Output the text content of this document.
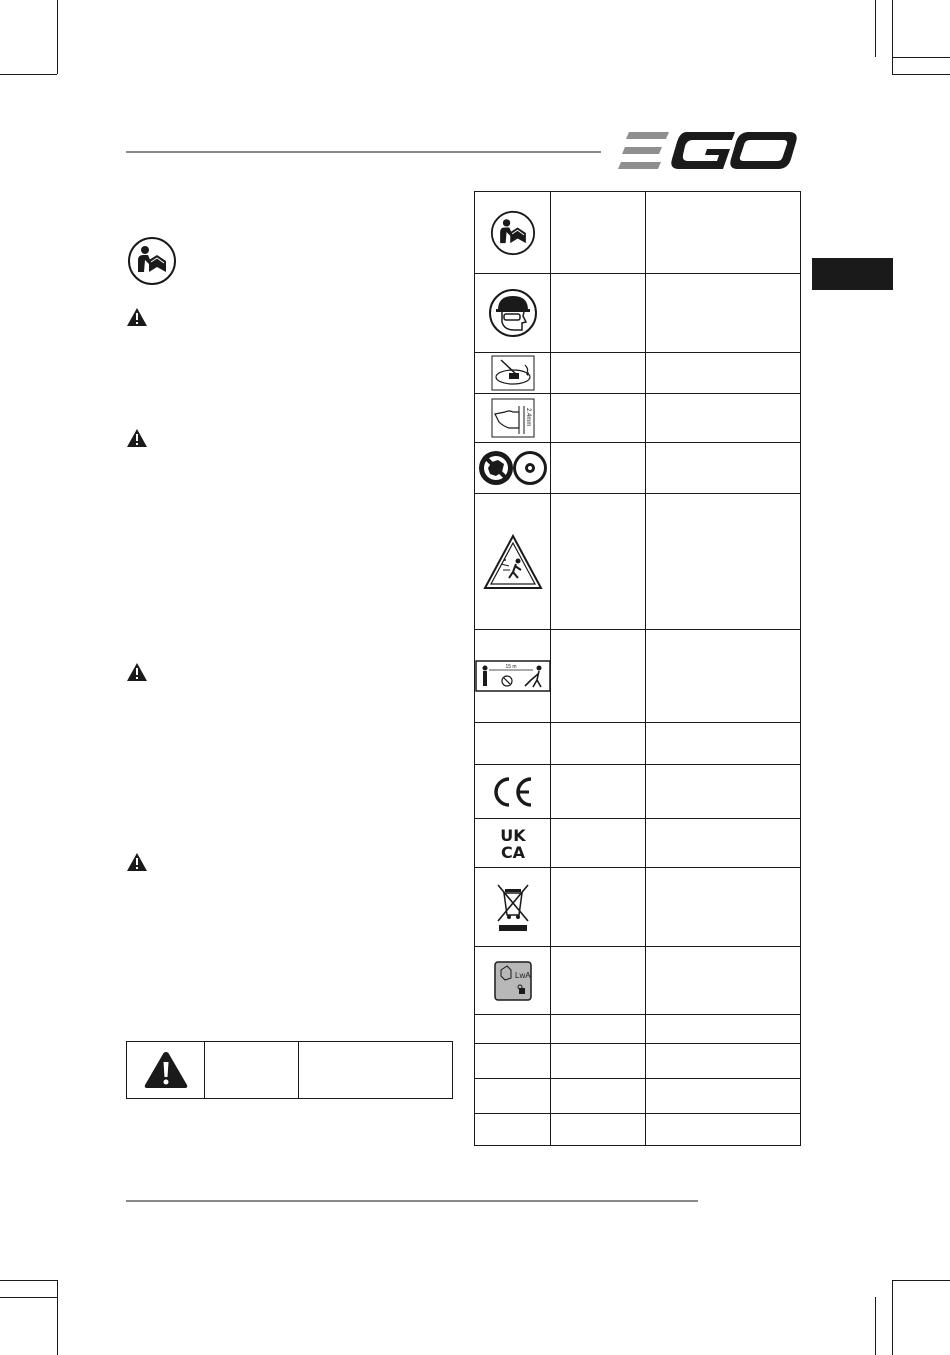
2.4mm		

15 m		

UK
CA		

LwA		
